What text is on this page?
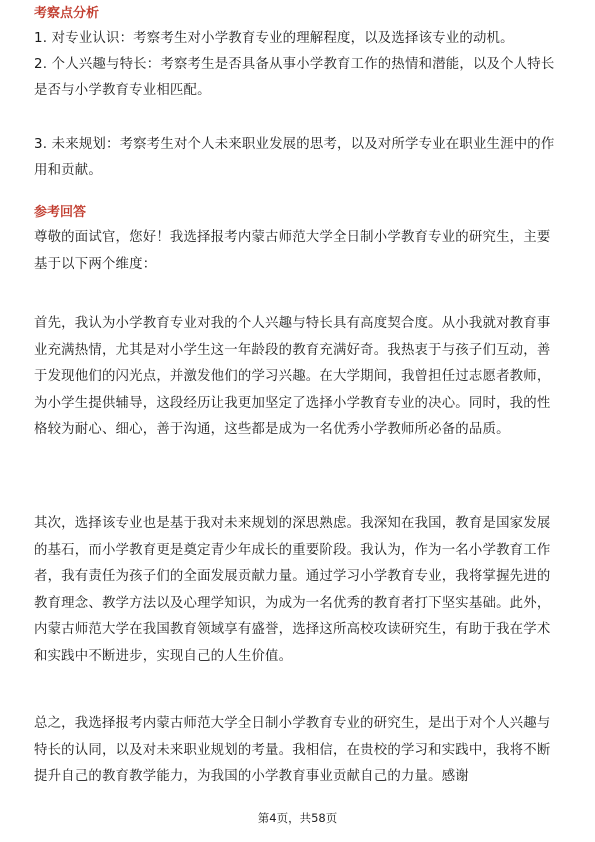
考察点分析
1. 对专业认识：考察考生对小学教育专业的理解程度，以及选择该专业的动机。
2. 个人兴趣与特长：考察考生是否具备从事小学教育工作的热情和潜能，以及个人特长是否与小学教育专业相匹配。
3. 未来规划：考察考生对个人未来职业发展的思考，以及对所学专业在职业生涯中的作用和贡献。
参考回答
尊敬的面试官，您好！我选择报考内蒙古师范大学全日制小学教育专业的研究生，主要基于以下两个维度：
首先，我认为小学教育专业对我的个人兴趣与特长具有高度契合度。从小我就对教育事业充满热情，尤其是对小学生这一年龄段的教育充满好奇。我热衷于与孩子们互动，善于发现他们的闪光点，并激发他们的学习兴趣。在大学期间，我曾担任过志愿者教师，为小学生提供辅导，这段经历让我更加坚定了选择小学教育专业的决心。同时，我的性格较为耐心、细心，善于沟通，这些都是成为一名优秀小学教师所必备的品质。
其次，选择该专业也是基于我对未来规划的深思熟虑。我深知在我国，教育是国家发展的基石，而小学教育更是奠定青少年成长的重要阶段。我认为，作为一名小学教育工作者，我有责任为孩子们的全面发展贡献力量。通过学习小学教育专业，我将掌握先进的教育理念、教学方法以及心理学知识，为成为一名优秀的教育者打下坚实基础。此外，内蒙古师范大学在我国教育领域享有盛誉，选择这所高校攻读研究生，有助于我在学术和实践中不断进步，实现自己的人生价值。
总之，我选择报考内蒙古师范大学全日制小学教育专业的研究生，是出于对个人兴趣与特长的认同，以及对未来职业规划的考量。我相信，在贵校的学习和实践中，我将不断提升自己的教育教学能力，为我国的小学教育事业贡献自己的力量。感谢
第4页，共58页
